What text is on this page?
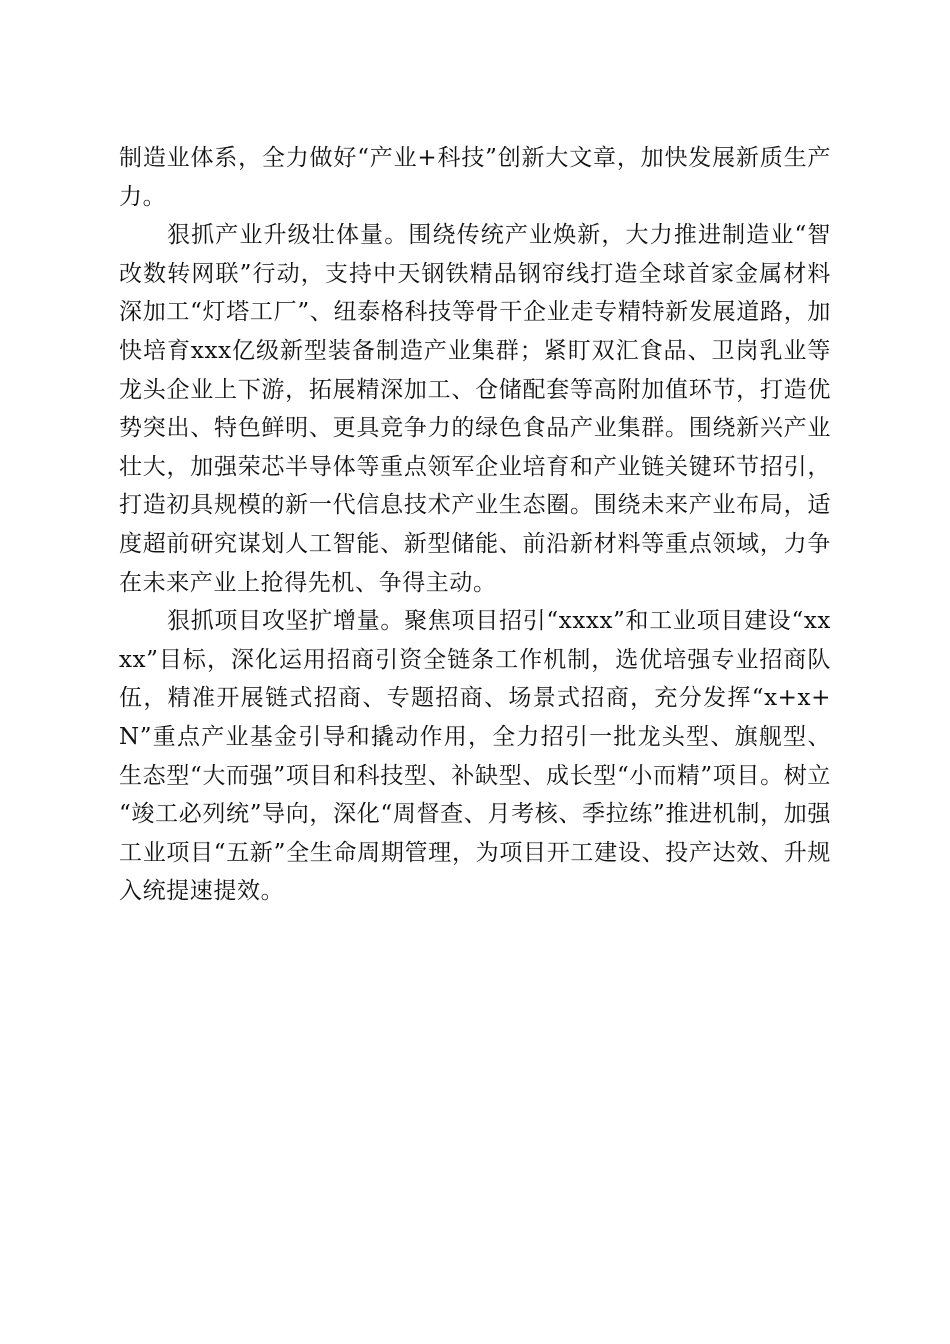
制造业体系，全力做好“产业+科技”创新大文章，加快发展新质生产力。

狠抓产业升级壮体量。围绕传统产业焕新，大力推进制造业“智改数转网联”行动，支持中天钢铁精品钢帘线打造全球首家金属材料深加工“灯塔工厂”、纽泰格科技等骨干企业走专精特新发展道路，加快培育xxx亿级新型装备制造产业集群；紧盯双汇食品、卫岗乳业等龙头企业上下游，拓展精深加工、仓储配套等高附加值环节，打造优势突出、特色鲜明、更具竞争力的绿色食品产业集群。围绕新兴产业壮大，加强荣芯半导体等重点领军企业培育和产业链关键环节招引，打造初具规模的新一代信息技术产业生态圈。围绕未来产业布局，适度超前研究谋划人工智能、新型储能、前沿新材料等重点领域，力争在未来产业上抢得先机、争得主动。

狠抓项目攻坚扩增量。聚焦项目招引“xxxx”和工业项目建设“xxxx”目标，深化运用招商引资全链条工作机制，选优培强专业招商队伍，精准开展链式招商、专题招商、场景式招商，充分发挥“x+x+N”重点产业基金引导和撬动作用，全力招引一批龙头型、旗舰型、生态型“大而强”项目和科技型、补缺型、成长型“小而精”项目。树立“竣工必列统”导向，深化“周督查、月考核、季拉练”推进机制，加强工业项目“五新”全生命周期管理，为项目开工建设、投产达效、升规入统提速提效。
